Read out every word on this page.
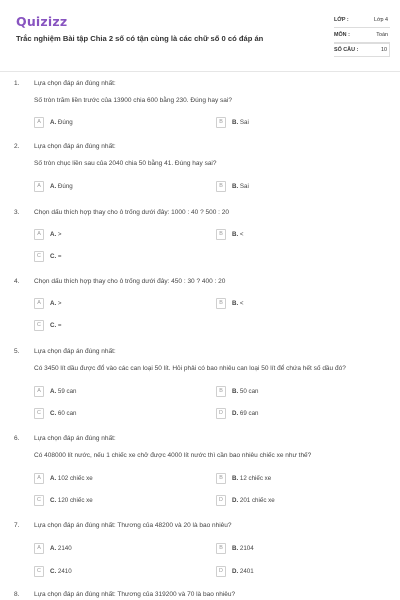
Quizizz
Trắc nghiệm Bài tập Chia 2 số có tận cùng là các chữ số 0 có đáp án
LỚP :	Lớp 4
MÔN :	Toán
SỐ CÂU :	10
1. Lựa chọn đáp án đúng nhất:
Số tròn trăm liền trước của 13900 chia 600 bằng 230. Đúng hay sai?
A	A. Đúng	B	B. Sai
2. Lựa chọn đáp án đúng nhất:
Số tròn chục liền sau của 2040 chia 50 bằng 41. Đúng hay sai?
A	A. Đúng	B	B. Sai
3. Chọn dấu thích hợp thay cho ô trống dưới đây: 1000 : 40 ? 500 : 20
A	A. >	B	B. <
C	C. =
4. Chọn dấu thích hợp thay cho ô trống dưới đây: 450 : 30 ? 400 : 20
A	A. >	B	B. <
C	C. =
5. Lựa chọn đáp án đúng nhất:
Có 3450 lít dầu được đổ vào các can loại 50 lít. Hỏi phải có bao nhiêu can loại 50 lít để chứa hết số dầu đó?
A	A. 59 can	B	B. 50 can
C	C. 60 can	D	D. 69 can
6. Lựa chọn đáp án đúng nhất:
Có 408000 lít nước, nếu 1 chiếc xe chở được 4000 lít nước thì cần bao nhiêu chiếc xe như thế?
A	A. 102 chiếc xe	B	B. 12 chiếc xe
C	C. 120 chiếc xe	D	D. 201 chiếc xe
7. Lựa chọn đáp án đúng nhất: Thương của 48200 và 20 là bao nhiêu?
A	A. 2140	B	B. 2104
C	C. 2410	D	D. 2401
8. Lựa chọn đáp án đúng nhất: Thương của 319200 và 70 là bao nhiêu?
